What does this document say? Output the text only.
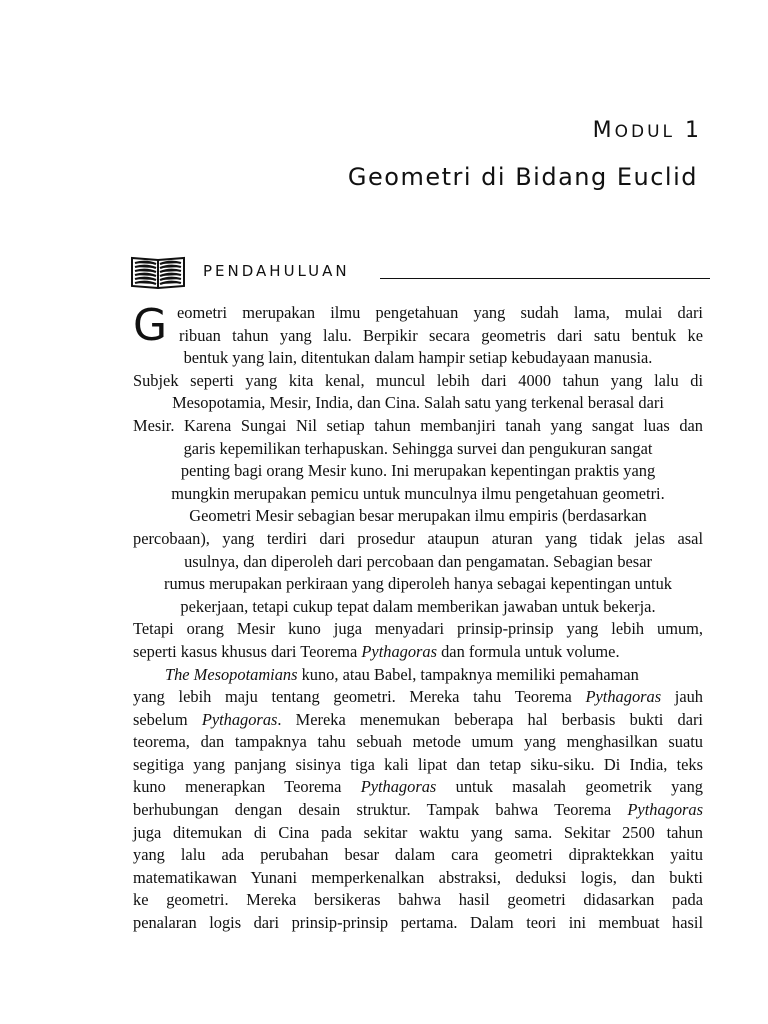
MODUL 1
Geometri di Bidang Euclid
PENDAHULUAN
G eometri merupakan ilmu pengetahuan yang sudah lama, mulai dari
ribuan tahun yang lalu. Berpikir secara geometris dari satu bentuk ke
bentuk yang lain, ditentukan dalam hampir setiap kebudayaan manusia.
Subjek seperti yang kita kenal, muncul lebih dari 4000 tahun yang lalu di
Mesopotamia, Mesir, India, dan Cina. Salah satu yang terkenal berasal dari
Mesir. Karena Sungai Nil setiap tahun membanjiri tanah yang sangat luas dan
garis kepemilikan terhapuskan. Sehingga survei dan pengukuran sangat
penting bagi orang Mesir kuno. Ini merupakan kepentingan praktis yang
mungkin merupakan pemicu untuk munculnya ilmu pengetahuan geometri.
Geometri Mesir sebagian besar merupakan ilmu empiris (berdasarkan
percobaan), yang terdiri dari prosedur ataupun aturan yang tidak jelas asal
usulnya, dan diperoleh dari percobaan dan pengamatan. Sebagian besar
rumus merupakan perkiraan yang diperoleh hanya sebagai kepentingan untuk
pekerjaan, tetapi cukup tepat dalam memberikan jawaban untuk bekerja.
Tetapi orang Mesir kuno juga menyadari prinsip-prinsip yang lebih umum,
seperti kasus khusus dari Teorema Pythagoras dan formula untuk volume.
The Mesopotamians kuno, atau Babel, tampaknya memiliki pemahaman
yang lebih maju tentang geometri. Mereka tahu Teorema Pythagoras jauh
sebelum Pythagoras. Mereka menemukan beberapa hal berbasis bukti dari
teorema, dan tampaknya tahu sebuah metode umum yang menghasilkan suatu
segitiga yang panjang sisinya tiga kali lipat dan tetap siku-siku. Di India, teks
kuno menerapkan Teorema Pythagoras untuk masalah geometrik yang
berhubungan dengan desain struktur. Tampak bahwa Teorema Pythagoras
juga ditemukan di Cina pada sekitar waktu yang sama. Sekitar 2500 tahun
yang lalu ada perubahan besar dalam cara geometri dipraktekkan yaitu
matematikawan Yunani memperkenalkan abstraksi, deduksi logis, dan bukti
ke geometri. Mereka bersikeras bahwa hasil geometri didasarkan pada
penalaran logis dari prinsip-prinsip pertama. Dalam teori ini membuat hasil
